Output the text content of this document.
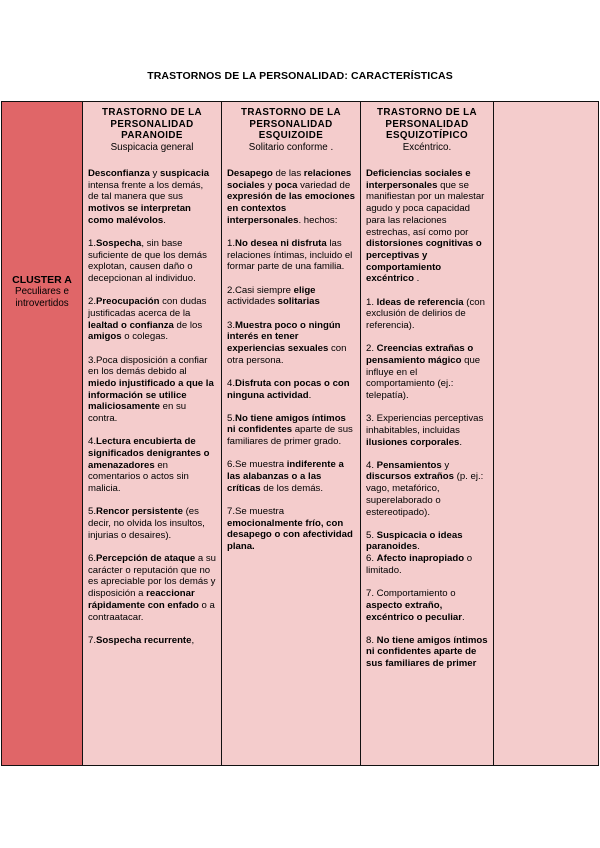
TRASTORNOS DE LA PERSONALIDAD: CARACTERÍSTICAS
CLUSTER A
Peculiares e introvertidos
TRASTORNO DE LA PERSONALIDAD PARANOIDE
Suspicacia general

Desconfianza y suspicacia intensa frente a los demás, de tal manera que sus motivos se interpretan como malévolos.

1.Sospecha, sin base suficiente de que los demás explotan, causen daño o decepcionan al individuo.

2.Preocupación con dudas justificadas acerca de la lealtad o confianza de los amigos o colegas.

3.Poca disposición a confiar en los demás debido al miedo injustificado a que la información se utilice maliciosamente en su contra.

4.Lectura encubierta de significados denigrantes o amenazadores en comentarios o actos sin malicia.

5.Rencor persistente (es decir, no olvida los insultos, injurias o desaires).

6.Percepción de ataque a su carácter o reputación que no es apreciable por los demás y disposición a reaccionar rápidamente con enfado o a contraatacar.

7.Sospecha recurrente,

TRASTORNO DE LA PERSONALIDAD ESQUIZOIDE
Solitario conforme .

Desapego de las relaciones sociales y poca variedad de expresión de las emociones en contextos interpersonales. hechos:

1.No desea ni disfruta las relaciones íntimas, incluido el formar parte de una familia.

2.Casi siempre elige actividades solitarias

3.Muestra poco o ningún interés en tener experiencias sexuales con otra persona.

4.Disfruta con pocas o con ninguna actividad.

5.No tiene amigos íntimos ni confidentes aparte de sus familiares de primer grado.

6.Se muestra indiferente a las alabanzas o a las críticas de los demás.

7.Se muestra emocionalmente frío, con desapego o con afectividad plana.

TRASTORNO DE LA PERSONALIDAD ESQUIZOTÍPICO
Excéntrico.

Deficiencias sociales e interpersonales que se manifiestan por un malestar agudo y poca capacidad para las relaciones estrechas, así como por distorsiones cognitivas o perceptivas y comportamiento excéntrico .

1. Ideas de referencia (con exclusión de delirios de referencia).

2. Creencias extrañas o pensamiento mágico que influye en el comportamiento (ej.: telepatía).

3. Experiencias perceptivas inhabitables, incluidas ilusiones corporales.

4. Pensamientos y discursos extraños (p. ej.: vago, metafórico, superelaborado o estereotipado).

5. Suspicacia o ideas paranoides.

6. Afecto inapropiado o limitado.

7. Comportamiento o aspecto extraño, excéntrico o peculiar.

8. No tiene amigos íntimos ni confidentes aparte de sus familiares de primer
